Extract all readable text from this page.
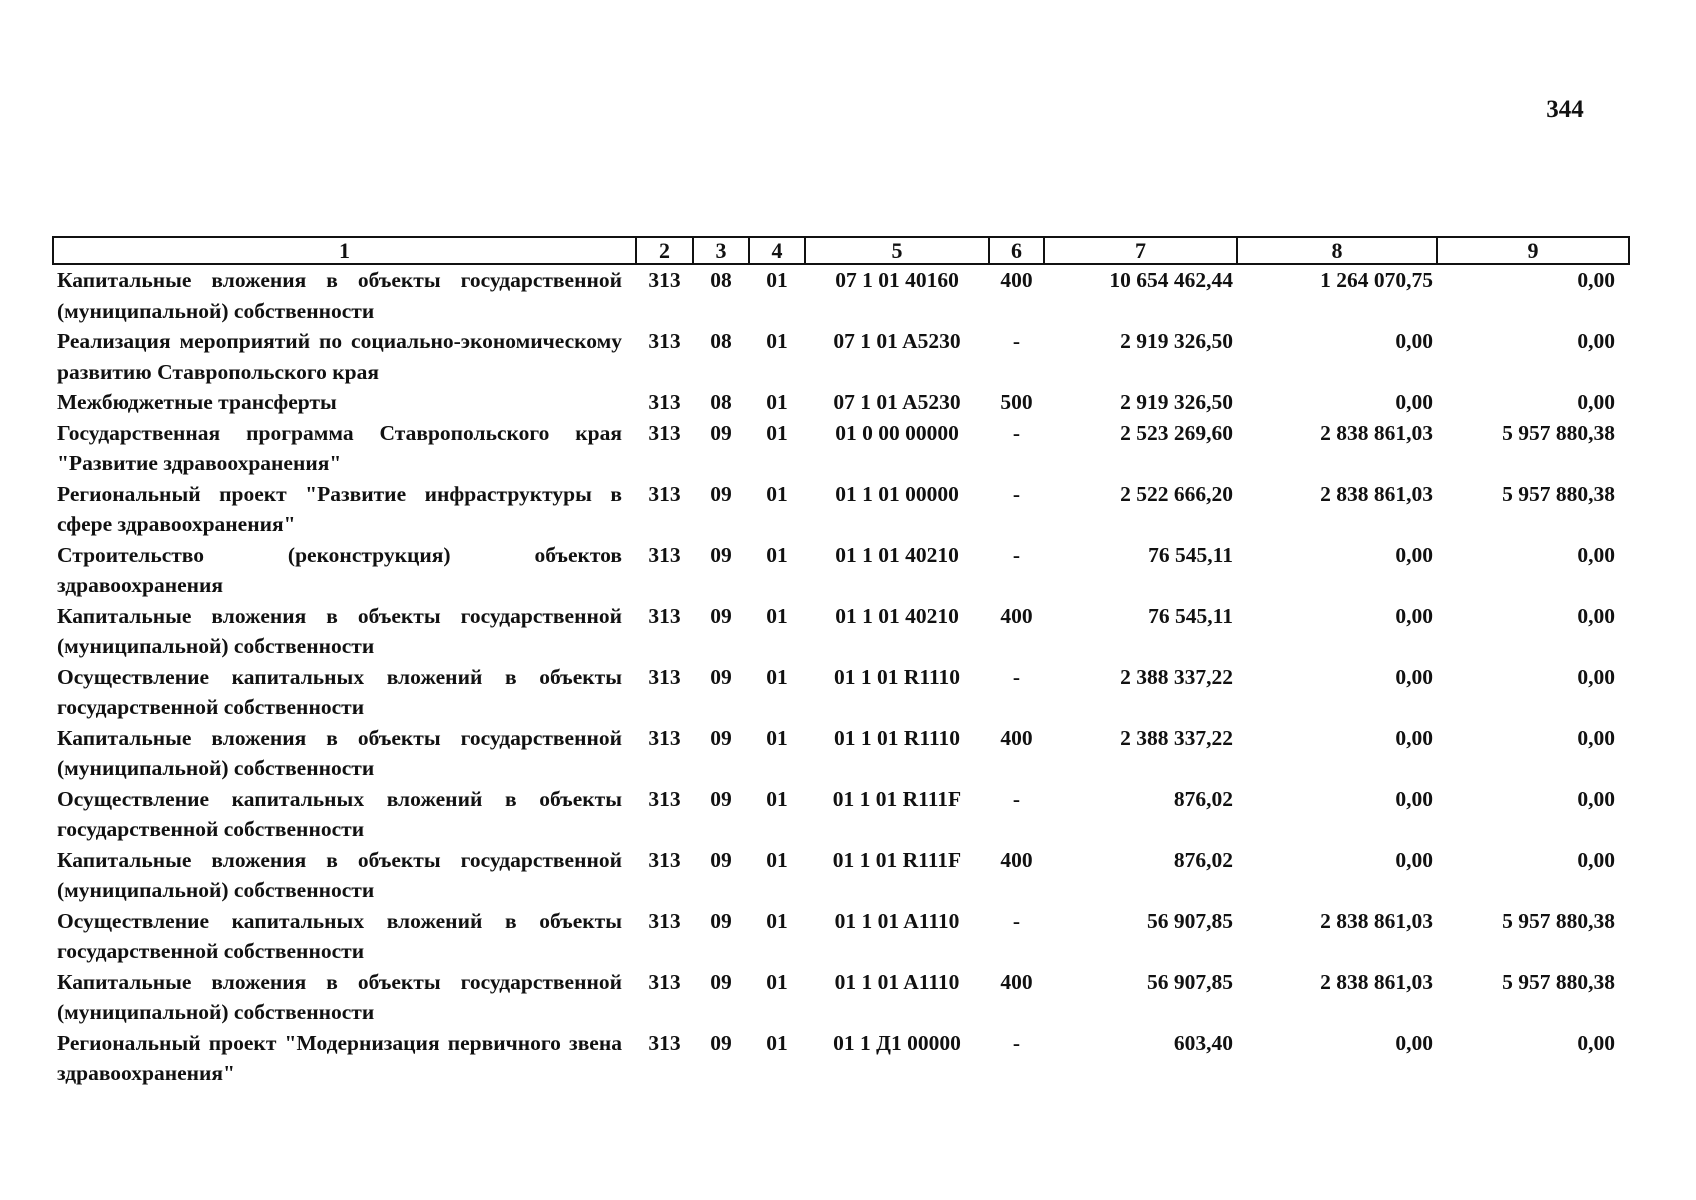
344
1	2	3	4	5	6	7	8	9
Капитальные вложения в объекты государственной (муниципальной) собственности	313	08	01	07 1 01 40160	400	10 654 462,44	1 264 070,75	0,00
Реализация мероприятий по социально-экономическому развитию Ставропольского края	313	08	01	07 1 01 A5230	-	2 919 326,50	0,00	0,00
Межбюджетные трансферты	313	08	01	07 1 01 A5230	500	2 919 326,50	0,00	0,00
Государственная программа Ставропольского края "Развитие здравоохранения"	313	09	01	01 0 00 00000	-	2 523 269,60	2 838 861,03	5 957 880,38
Региональный проект "Развитие инфраструктуры в сфере здравоохранения"	313	09	01	01 1 01 00000	-	2 522 666,20	2 838 861,03	5 957 880,38
Строительство (реконструкция) объектов здравоохранения	313	09	01	01 1 01 40210	-	76 545,11	0,00	0,00
Капитальные вложения в объекты государственной (муниципальной) собственности	313	09	01	01 1 01 40210	400	76 545,11	0,00	0,00
Осуществление капитальных вложений в объекты государственной собственности	313	09	01	01 1 01 R1110	-	2 388 337,22	0,00	0,00
Капитальные вложения в объекты государственной (муниципальной) собственности	313	09	01	01 1 01 R1110	400	2 388 337,22	0,00	0,00
Осуществление капитальных вложений в объекты государственной собственности	313	09	01	01 1 01 R111F	-	876,02	0,00	0,00
Капитальные вложения в объекты государственной (муниципальной) собственности	313	09	01	01 1 01 R111F	400	876,02	0,00	0,00
Осуществление капитальных вложений в объекты государственной собственности	313	09	01	01 1 01 A1110	-	56 907,85	2 838 861,03	5 957 880,38
Капитальные вложения в объекты государственной (муниципальной) собственности	313	09	01	01 1 01 A1110	400	56 907,85	2 838 861,03	5 957 880,38
Региональный проект "Модернизация первичного звена здравоохранения"	313	09	01	01 1 Д1 00000	-	603,40	0,00	0,00
